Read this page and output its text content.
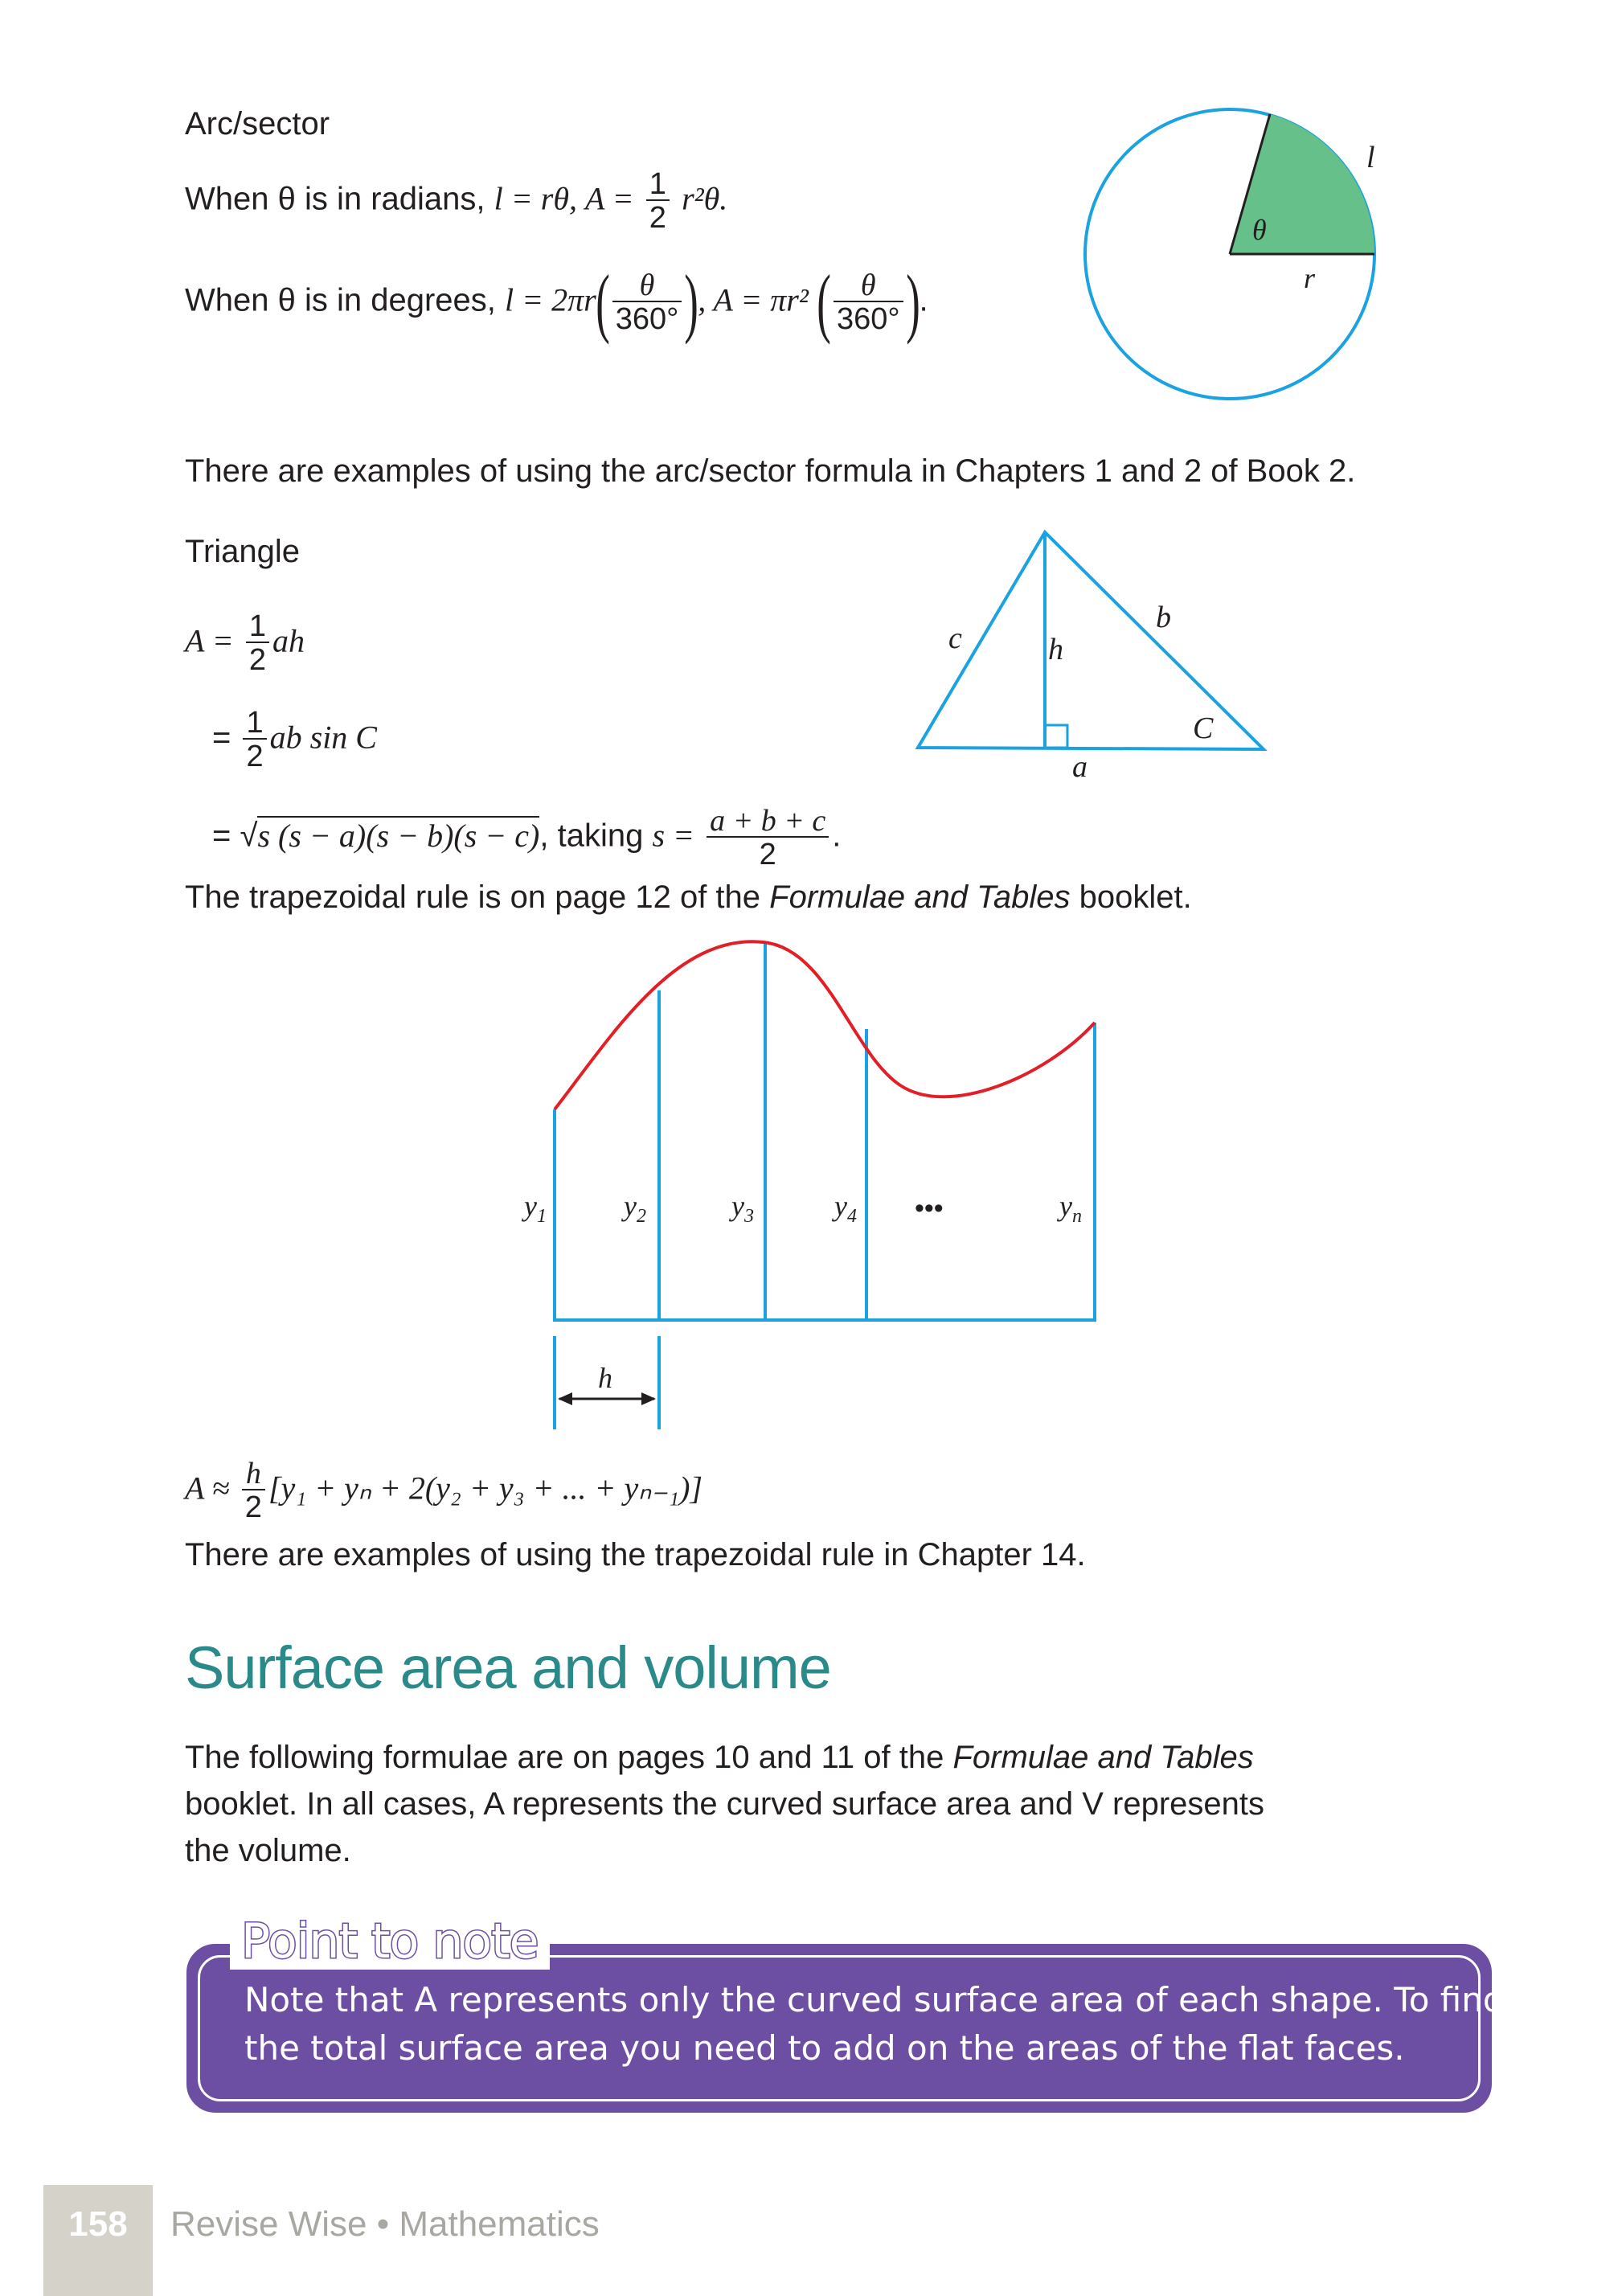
Arc/sector
When θ is in radians, l = rθ, $A = \frac{1}{2} r^2\theta$.
When θ is in degrees, $l = 2\pi r( \frac{\theta}{360^\circ}$ ), A = πr² ( $\frac{\theta}{360^\circ}$ ).
l
θ
r
There are examples of using the arc/sector formula in Chapters 1 and 2 of Book 2.
Triangle
$A = \frac{1}{2}$ ah
= $\frac{1}{2}$ ab sin C
= √s (s − a)(s − b)(s − c), taking $s = \frac{a + b + c}{2}$ .
c	h
b
C
a
The trapezoidal rule is on page 12 of the Formulae and Tables booklet.
$y_1$	$y_2$	$y_3$	$y_4$ •••	$y_n$
h
$A \approx \frac{h}{2} [y_1 + y_n + 2(y_2 + y_3$ + ... + yₙ₋₁)]
There are examples of using the trapezoidal rule in Chapter 14.
Surface area and volume
The following formulae are on pages 10 and 11 of the Formulae and Tables
booklet. In all cases, A represents the curved surface area and V represents
the volume.
Note that A represents only the curved surface area of each shape. To find
the total surface area you need to add on the areas of the flat faces.
Point to note
158	Revise Wise • Mathematics
